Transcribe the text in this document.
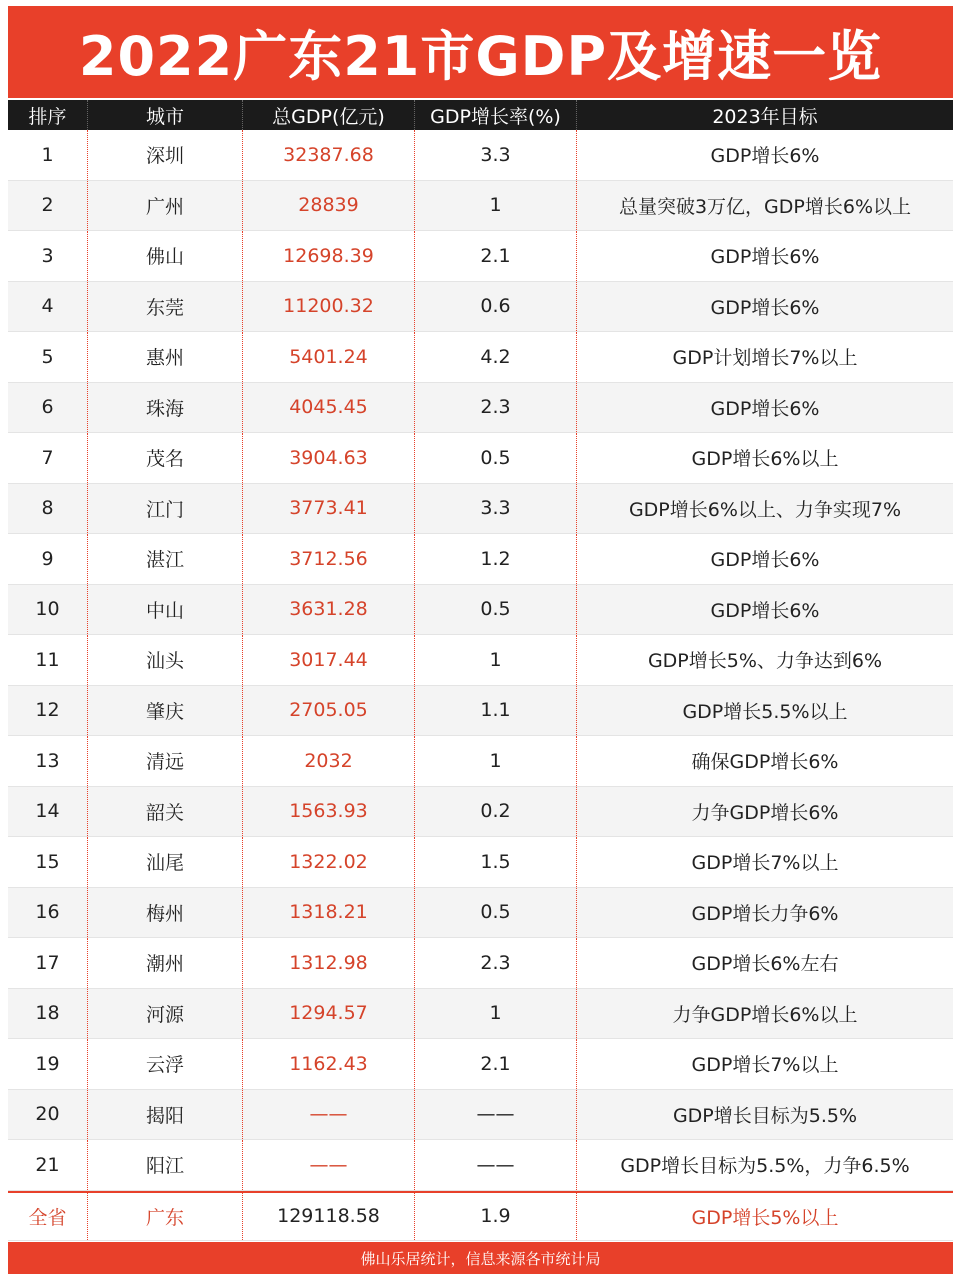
2022广东21市GDP及增速一览
排序	城市	总GDP(亿元)	GDP增长率(%)	2023年目标
1	深圳	32387.68	3.3	GDP增长6%
2	广州	28839	1	总量突破3万亿，GDP增长6%以上
3	佛山	12698.39	2.1	GDP增长6%
4	东莞	11200.32	0.6	GDP增长6%
5	惠州	5401.24	4.2	GDP计划增长7%以上
6	珠海	4045.45	2.3	GDP增长6%
7	茂名	3904.63	0.5	GDP增长6%以上
8	江门	3773.41	3.3	GDP增长6%以上、力争实现7%
9	湛江	3712.56	1.2	GDP增长6%
10	中山	3631.28	0.5	GDP增长6%
11	汕头	3017.44	1	GDP增长5%、力争达到6%
12	肇庆	2705.05	1.1	GDP增长5.5%以上
13	清远	2032	1	确保GDP增长6%
14	韶关	1563.93	0.2	力争GDP增长6%
15	汕尾	1322.02	1.5	GDP增长7%以上
16	梅州	1318.21	0.5	GDP增长力争6%
17	潮州	1312.98	2.3	GDP增长6%左右
18	河源	1294.57	1	力争GDP增长6%以上
19	云浮	1162.43	2.1	GDP增长7%以上
20	揭阳	——	——	GDP增长目标为5.5%
21	阳江	——	——	GDP增长目标为5.5%，力争6.5%
全省	广东	129118.58	1.9	GDP增长5%以上
佛山乐居统计，信息来源各市统计局
